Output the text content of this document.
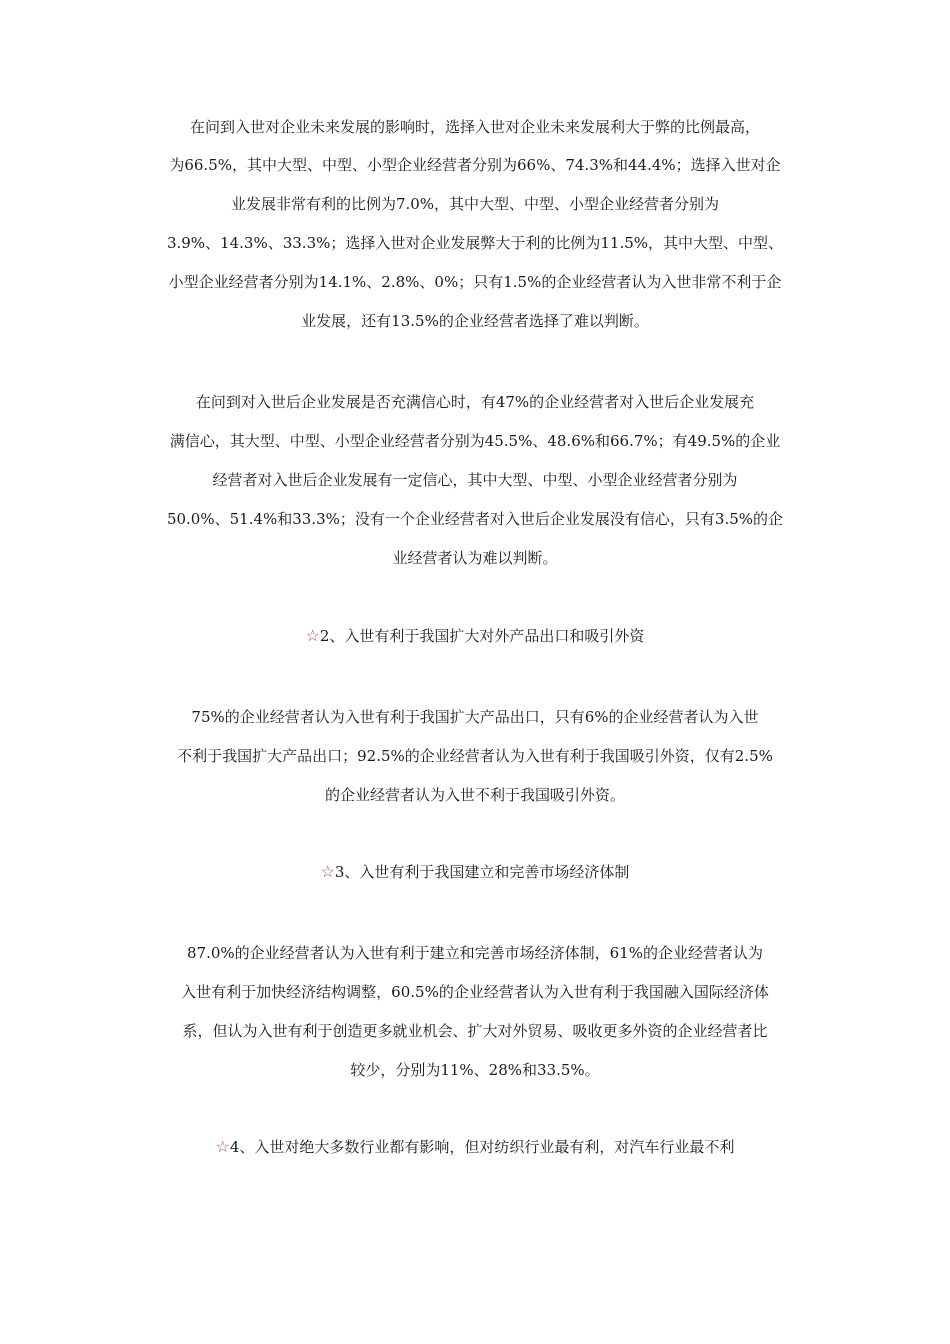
在问到入世对企业未来发展的影响时，选择入世对企业未来发展利大于弊的比例最高，
为66.5%，其中大型、中型、小型企业经营者分别为66%、74.3%和44.4%；选择入世对企
业发展非常有利的比例为7.0%，其中大型、中型、小型企业经营者分别为
3.9%、14.3%、33.3%；选择入世对企业发展弊大于利的比例为11.5%，其中大型、中型、
小型企业经营者分别为14.1%、2.8%、0%；只有1.5%的企业经营者认为入世非常不利于企
业发展，还有13.5%的企业经营者选择了难以判断。
在问到对入世后企业发展是否充满信心时，有47%的企业经营者对入世后企业发展充
满信心，其大型、中型、小型企业经营者分别为45.5%、48.6%和66.7%；有49.5%的企业
经营者对入世后企业发展有一定信心，其中大型、中型、小型企业经营者分别为
50.0%、51.4%和33.3%；没有一个企业经营者对入世后企业发展没有信心，只有3.5%的企
业经营者认为难以判断。
☆2、入世有利于我国扩大对外产品出口和吸引外资
75%的企业经营者认为入世有利于我国扩大产品出口，只有6%的企业经营者认为入世
不利于我国扩大产品出口；92.5%的企业经营者认为入世有利于我国吸引外资，仅有2.5%
的企业经营者认为入世不利于我国吸引外资。
☆3、入世有利于我国建立和完善市场经济体制
87.0%的企业经营者认为入世有利于建立和完善市场经济体制，61%的企业经营者认为
入世有利于加快经济结构调整，60.5%的企业经营者认为入世有利于我国融入国际经济体
系，但认为入世有利于创造更多就业机会、扩大对外贸易、吸收更多外资的企业经营者比
较少，分别为11%、28%和33.5%。
☆4、入世对绝大多数行业都有影响，但对纺织行业最有利，对汽车行业最不利
